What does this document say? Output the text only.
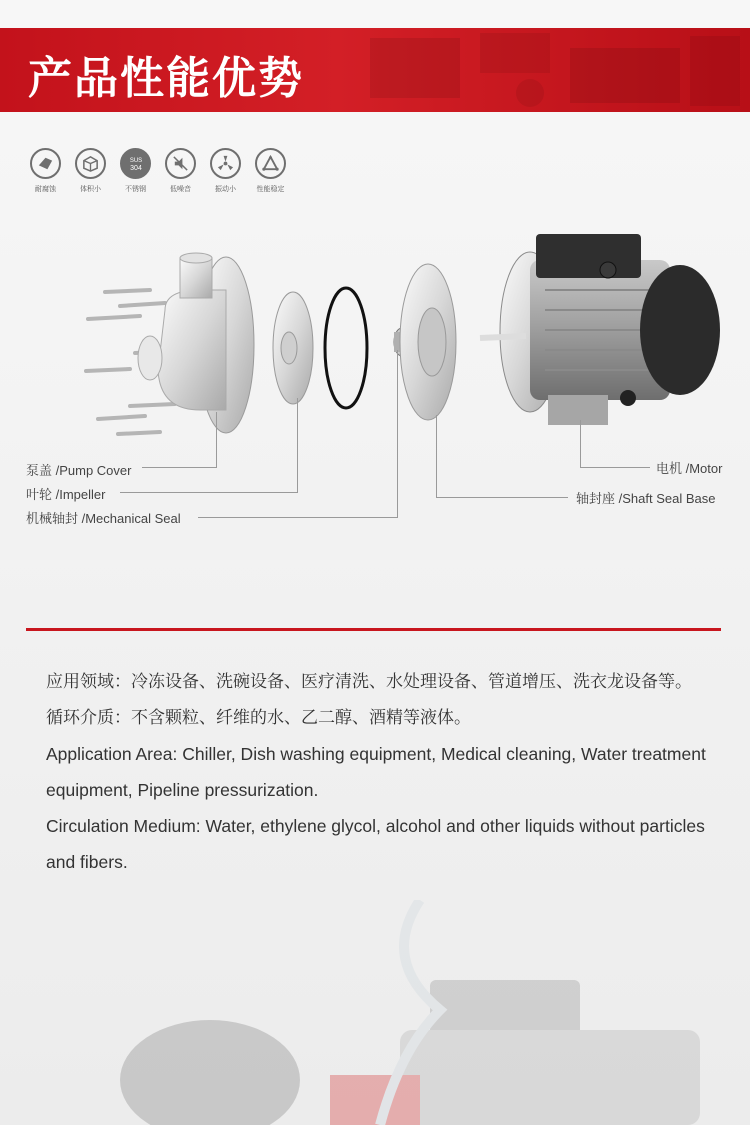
产品性能优势
耐腐蚀	体积小
SUS
304
不锈钢	低噪音	振动小	性能稳定
泵盖 /Pump Cover
叶轮 /Impeller
机械轴封 /Mechanical Seal
电机 /Motor
轴封座 /Shaft Seal Base

应用领域：冷冻设备、洗碗设备、医疗清洗、水处理设备、管道增压、洗衣龙设备等。

循环介质：不含颗粒、纤维的水、乙二醇、酒精等液体。

Application Area: Chiller, Dish washing equipment, Medical cleaning, Water treatment equipment, Pipeline pressurization.

Circulation Medium: Water, ethylene glycol, alcohol and other liquids without particles and fibers.
